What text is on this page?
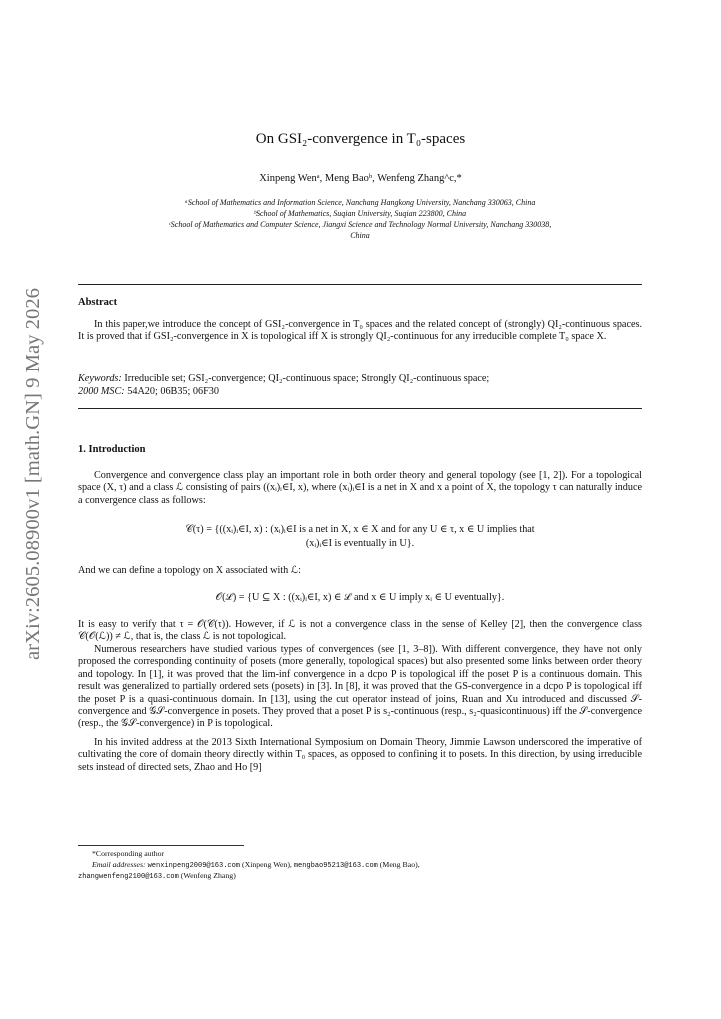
arXiv:2605.08900v1 [math.GN] 9 May 2026
On GSI₂-convergence in T₀-spaces
Xinpeng Wenᵃ, Meng Baoᵇ, Wenfeng Zhang^c,*
ᵃSchool of Mathematics and Information Science, Nanchang Hangkong University, Nanchang 330063, China
ᵇSchool of Mathematics, Suqian University, Suqian 223800, China
ᶜSchool of Mathematics and Computer Science, Jiangxi Science and Technology Normal University, Nanchang 330038,
China
Abstract
In this paper,we introduce the concept of GSI₂-convergence in T₀ spaces and the related concept of (strongly) QI₂-continuous spaces. It is proved that if GSI₂-convergence in X is topological iff X is strongly QI₂-continuous for any irreducible complete T₀ space X.
Keywords: Irreducible set; GSI₂-convergence; QI₂-continuous space; Strongly QI₂-continuous space;
2000 MSC: 54A20; 06B35; 06F30
1. Introduction
Convergence and convergence class play an important role in both order theory and general topology (see [1, 2]). For a topological space (X, τ) and a class ℒ consisting of pairs ((xᵢ)ᵢ∈I, x), where (xᵢ)ᵢ∈I is a net in X and x a point of X, the topology τ can naturally induce a convergence class as follows:
𝒞(τ) = {((xᵢ)ᵢ∈I, x) : (xᵢ)ᵢ∈I is a net in X, x ∈ X and for any U ∈ τ, x ∈ U implies that
(xᵢ)ᵢ∈I is eventually in U}.
And we can define a topology on X associated with ℒ:
𝒪(ℒ) = {U ⊆ X : ((xᵢ)ᵢ∈I, x) ∈ ℒ and x ∈ U imply xᵢ ∈ U eventually}.
It is easy to verify that τ = 𝒪(𝒞(τ)). However, if ℒ is not a convergence class in the sense of Kelley [2], then the convergence class 𝒞(𝒪(ℒ)) ≠ ℒ, that is, the class ℒ is not topological.
Numerous researchers have studied various types of convergences (see [1, 3–8]). With different convergence, they have not only proposed the corresponding continuity of posets (more generally, topological spaces) but also presented some links between order theory and topology. In [1], it was proved that the lim-inf convergence in a dcpo P is topological iff the poset P is a continuous domain. This result was generalized to partially ordered sets (posets) in [3]. In [8], it was proved that the GS-convergence in a dcpo P is topological iff the poset P is a quasi-continuous domain. In [13], using the cut operator instead of joins, Ruan and Xu introduced and discussed 𝒮-convergence and 𝒢𝒮-convergence in posets. They proved that a poset P is s₂-continuous (resp., s₂-quasicontinuous) iff the 𝒮-convergence (resp., the 𝒢𝒮-convergence) in P is topological.
In his invited address at the 2013 Sixth International Symposium on Domain Theory, Jimmie Lawson underscored the imperative of cultivating the core of domain theory directly within T₀ spaces, as opposed to confining it to posets. In this direction, by using irreducible sets instead of directed sets, Zhao and Ho [9]
*Corresponding author
Email addresses: wenxinpeng2009@163.com (Xinpeng Wen), mengbao95213@163.com (Meng Bao),
zhangwenfeng2100@163.com (Wenfeng Zhang)
